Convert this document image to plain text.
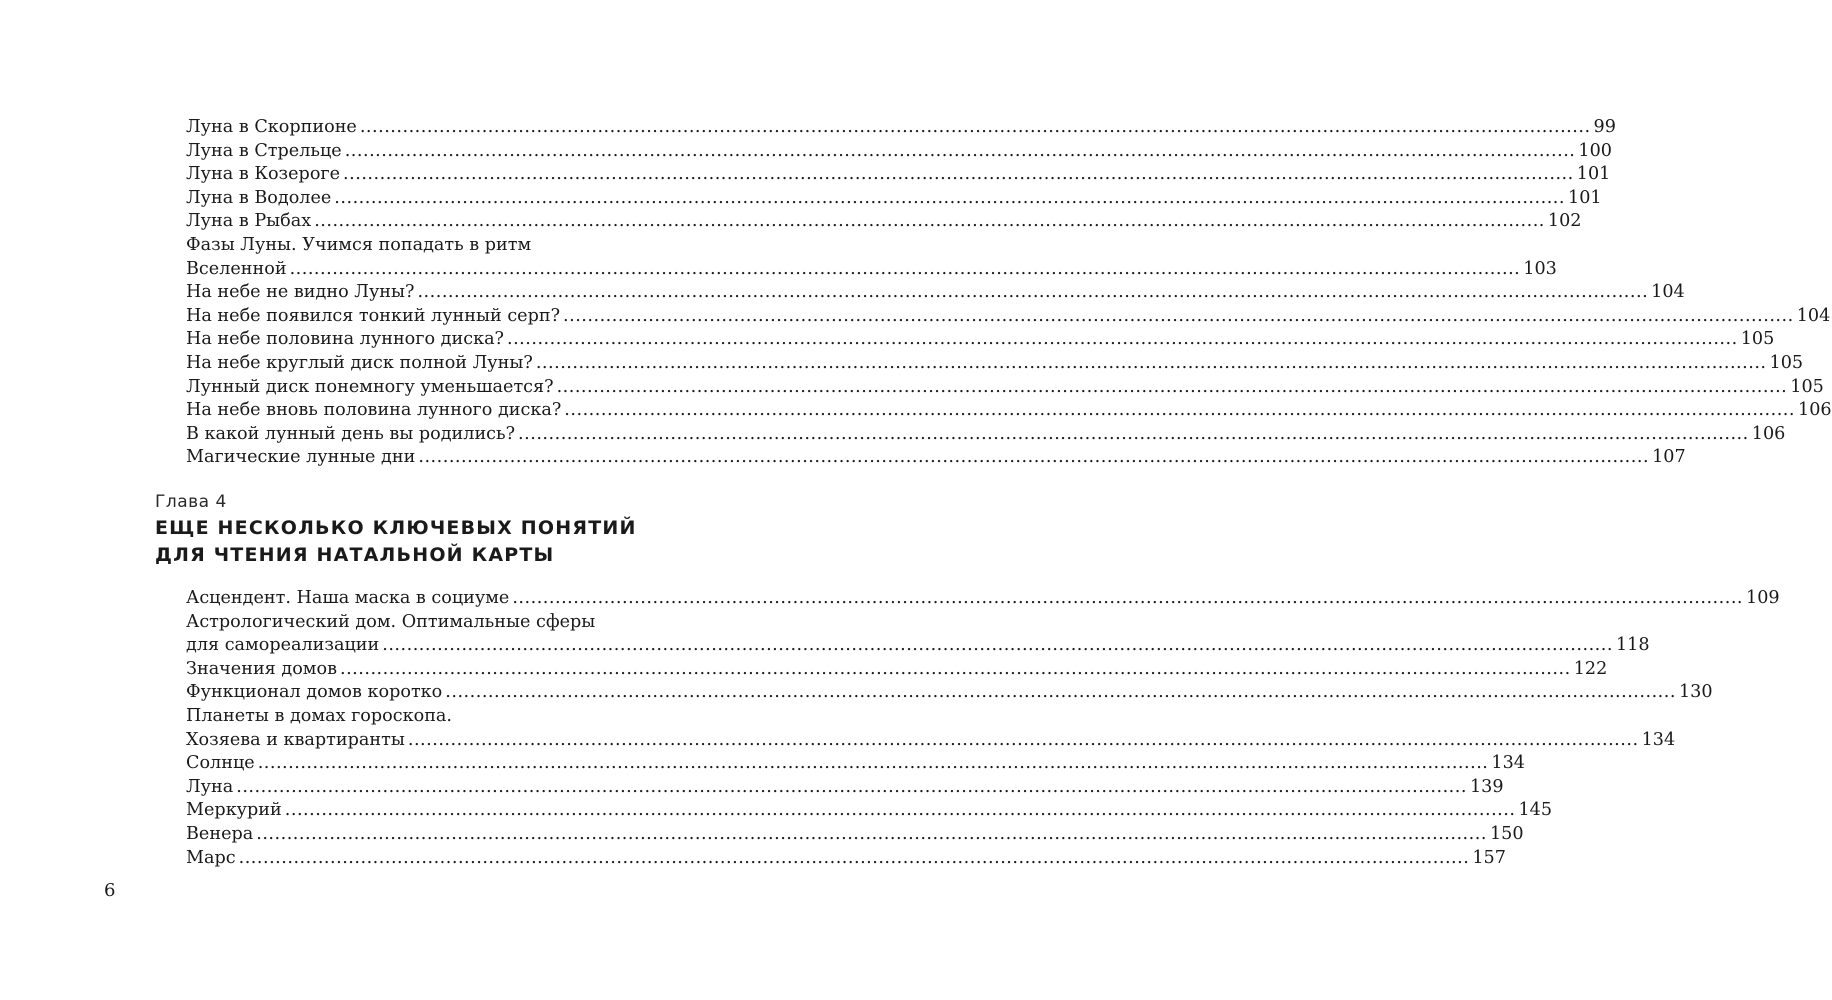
Луна в Скорпионе .....	99
Луна в Стрельце .....	100
Луна в Козероге .....	101
Луна в Водолее .....	101
Луна в Рыбах .....	102
Фазы Луны. Учимся попадать в ритм
Вселенной .....	103
На небе не видно Луны? .....	104
На небе появился тонкий лунный серп? .....	104
На небе половина лунного диска? .....	105
На небе круглый диск полной Луны? .....	105
Лунный диск понемногу уменьшается? .....	105
На небе вновь половина лунного диска? .....	106
В какой лунный день вы родились? .....	106
Магические лунные дни .....	107
Глава 4
ЕЩЕ НЕСКОЛЬКО КЛЮЧЕВЫХ ПОНЯТИЙ
ДЛЯ ЧТЕНИЯ НАТАЛЬНОЙ КАРТЫ
Асцендент. Наша маска в социуме .....	109
Астрологический дом. Оптимальные сферы
для самореализации .....	118
Значения домов .....	122
Функционал домов коротко .....	130
Планеты в домах гороскопа.
Хозяева и квартиранты .....	134
Солнце .....	134
Луна .....	139
Меркурий .....	145
Венера .....	150
Марс .....	157
6
